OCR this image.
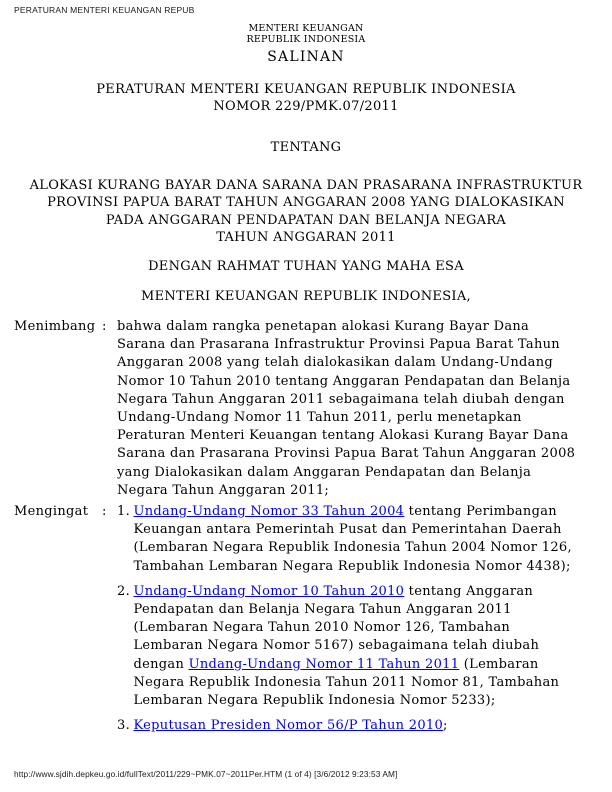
PERATURAN MENTERI KEUANGAN REPUB
MENTERI KEUANGAN
REPUBLIK INDONESIA
SALINAN
PERATURAN MENTERI KEUANGAN REPUBLIK INDONESIA
NOMOR 229/PMK.07/2011
TENTANG
ALOKASI KURANG BAYAR DANA SARANA DAN PRASARANA INFRASTRUKTUR
PROVINSI PAPUA BARAT TAHUN ANGGARAN 2008 YANG DIALOKASIKAN
PADA ANGGARAN PENDAPATAN DAN BELANJA NEGARA
TAHUN ANGGARAN 2011
DENGAN RAHMAT TUHAN YANG MAHA ESA
MENTERI KEUANGAN REPUBLIK INDONESIA,
Menimbang : bahwa dalam rangka penetapan alokasi Kurang Bayar Dana Sarana dan Prasarana Infrastruktur Provinsi Papua Barat Tahun Anggaran 2008 yang telah dialokasikan dalam Undang-Undang Nomor 10 Tahun 2010 tentang Anggaran Pendapatan dan Belanja Negara Tahun Anggaran 2011 sebagaimana telah diubah dengan Undang-Undang Nomor 11 Tahun 2011, perlu menetapkan Peraturan Menteri Keuangan tentang Alokasi Kurang Bayar Dana Sarana dan Prasarana Provinsi Papua Barat Tahun Anggaran 2008 yang Dialokasikan dalam Anggaran Pendapatan dan Belanja Negara Tahun Anggaran 2011;
Mengingat	: 1. Undang-Undang Nomor 33 Tahun 2004 tentang Perimbangan Keuangan antara Pemerintah Pusat dan Pemerintahan Daerah (Lembaran Negara Republik Indonesia Tahun 2004 Nomor 126, Tambahan Lembaran Negara Republik Indonesia Nomor 4438);
2. Undang-Undang Nomor 10 Tahun 2010 tentang Anggaran Pendapatan dan Belanja Negara Tahun Anggaran 2011 (Lembaran Negara Tahun 2010 Nomor 126, Tambahan Lembaran Negara Nomor 5167) sebagaimana telah diubah dengan Undang-Undang Nomor 11 Tahun 2011 (Lembaran Negara Republik Indonesia Tahun 2011 Nomor 81, Tambahan Lembaran Negara Republik Indonesia Nomor 5233);
3. Keputusan Presiden Nomor 56/P Tahun 2010;
http://www.sjdih.depkeu.go.id/fullText/2011/229~PMK.07~2011Per.HTM (1 of 4) [3/6/2012 9:23:53 AM]
